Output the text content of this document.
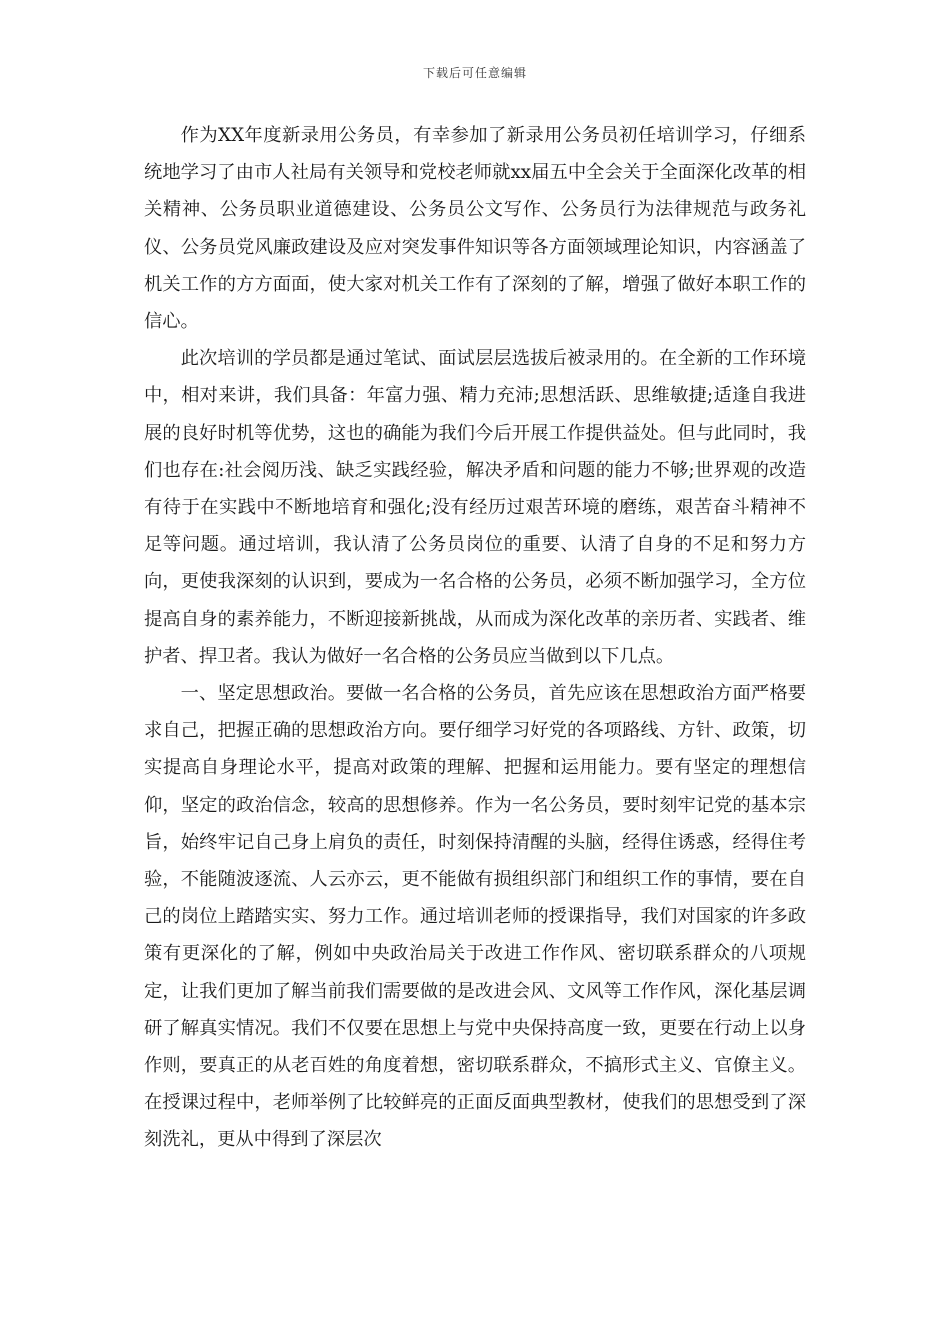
下载后可任意编辑

作为XX年度新录用公务员，有幸参加了新录用公务员初任培训学习，仔细系统地学习了由市人社局有关领导和党校老师就xx届五中全会关于全面深化改革的相关精神、公务员职业道德建设、公务员公文写作、公务员行为法律规范与政务礼仪、公务员党风廉政建设及应对突发事件知识等各方面领域理论知识，内容涵盖了机关工作的方方面面，使大家对机关工作有了深刻的了解，增强了做好本职工作的信心。

此次培训的学员都是通过笔试、面试层层选拔后被录用的。在全新的工作环境中，相对来讲，我们具备：年富力强、精力充沛;思想活跃、思维敏捷;适逢自我进展的良好时机等优势，这也的确能为我们今后开展工作提供益处。但与此同时，我们也存在:社会阅历浅、缺乏实践经验，解决矛盾和问题的能力不够;世界观的改造有待于在实践中不断地培育和强化;没有经历过艰苦环境的磨练，艰苦奋斗精神不足等问题。通过培训，我认清了公务员岗位的重要、认清了自身的不足和努力方向，更使我深刻的认识到，要成为一名合格的公务员，必须不断加强学习，全方位提高自身的素养能力，不断迎接新挑战，从而成为深化改革的亲历者、实践者、维护者、捍卫者。我认为做好一名合格的公务员应当做到以下几点。

一、坚定思想政治。要做一名合格的公务员，首先应该在思想政治方面严格要求自己，把握正确的思想政治方向。要仔细学习好党的各项路线、方针、政策，切实提高自身理论水平，提高对政策的理解、把握和运用能力。要有坚定的理想信仰，坚定的政治信念，较高的思想修养。作为一名公务员，要时刻牢记党的基本宗旨，始终牢记自己身上肩负的责任，时刻保持清醒的头脑，经得住诱惑，经得住考验，不能随波逐流、人云亦云，更不能做有损组织部门和组织工作的事情，要在自己的岗位上踏踏实实、努力工作。通过培训老师的授课指导，我们对国家的许多政策有更深化的了解，例如中央政治局关于改进工作作风、密切联系群众的八项规定，让我们更加了解当前我们需要做的是改进会风、文风等工作作风，深化基层调研了解真实情况。我们不仅要在思想上与党中央保持高度一致，更要在行动上以身作则，要真正的从老百姓的角度着想，密切联系群众，不搞形式主义、官僚主义。在授课过程中，老师举例了比较鲜亮的正面反面典型教材，使我们的思想受到了深刻洗礼，更从中得到了深层次
